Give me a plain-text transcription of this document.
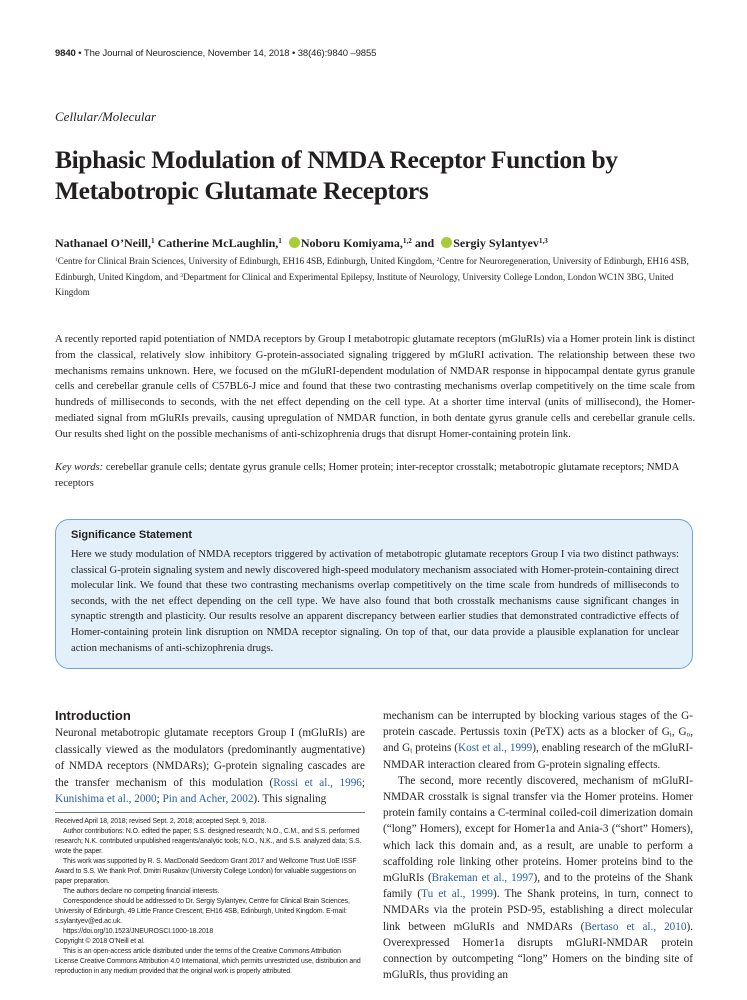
9840 • The Journal of Neuroscience, November 14, 2018 • 38(46):9840 –9855
Cellular/Molecular
Biphasic Modulation of NMDA Receptor Function by Metabotropic Glutamate Receptors
Nathanael O’Neill,$^1$ Catherine McLaughlin,$^1$ Noboru Komiyama,$^{1,2}$ and Sergiy Sylantyev$^{1,3}$
$^1$Centre for Clinical Brain Sciences, University of Edinburgh, EH16 4SB, Edinburgh, United Kingdom, $^2$Centre for Neuroregeneration, University of Edinburgh, EH16 4SB, Edinburgh, United Kingdom, and $^3$Department for Clinical and Experimental Epilepsy, Institute of Neurology, University College London, London WC1N 3BG, United Kingdom
A recently reported rapid potentiation of NMDA receptors by Group I metabotropic glutamate receptors (mGluRIs) via a Homer protein link is distinct from the classical, relatively slow inhibitory G-protein-associated signaling triggered by mGluRI activation. The relationship between these two mechanisms remains unknown. Here, we focused on the mGluRI-dependent modulation of NMDAR response in hippocampal dentate gyrus granule cells and cerebellar granule cells of C57BL6-J mice and found that these two contrasting mechanisms overlap competitively on the time scale from hundreds of milliseconds to seconds, with the net effect depending on the cell type. At a shorter time interval (units of millisecond), the Homer-mediated signal from mGluRIs prevails, causing upregulation of NMDAR function, in both dentate gyrus granule cells and cerebellar granule cells. Our results shed light on the possible mechanisms of anti-schizophrenia drugs that disrupt Homer-containing protein link.
Key words: cerebellar granule cells; dentate gyrus granule cells; Homer protein; inter-receptor crosstalk; metabotropic glutamate receptors; NMDA receptors
Significance Statement
Here we study modulation of NMDA receptors triggered by activation of metabotropic glutamate receptors Group I via two distinct pathways: classical G-protein signaling system and newly discovered high-speed modulatory mechanism associated with Homer-protein-containing direct molecular link. We found that these two contrasting mechanisms overlap competitively on the time scale from hundreds of milliseconds to seconds, with the net effect depending on the cell type. We have also found that both crosstalk mechanisms cause significant changes in synaptic strength and plasticity. Our results resolve an apparent discrepancy between earlier studies that demonstrated contradictive effects of Homer-containing protein link disruption on NMDA receptor signaling. On top of that, our data provide a plausible explanation for unclear action mechanisms of anti-schizophrenia drugs.
Introduction
Neuronal metabotropic glutamate receptors Group I (mGluRIs) are classically viewed as the modulators (predominantly augmentative) of NMDA receptors (NMDARs); G-protein signaling cascades are the transfer mechanism of this modulation (Rossi et al., 1996; Kunishima et al., 2000; Pin and Acher, 2002). This signaling

Received April 18, 2018; revised Sept. 2, 2018; accepted Sept. 9, 2018.

Author contributions: N.O. edited the paper; S.S. designed research; N.O., C.M., and S.S. performed research; N.K. contributed unpublished reagents/analytic tools; N.O., N.K., and S.S. analyzed data; S.S. wrote the paper.

This work was supported by R. S. MacDonald Seedcorn Grant 2017 and Wellcome Trust UoE ISSF Award to S.S. We thank Prof. Dmitri Rusakov (University College London) for valuable suggestions on paper preparation.

The authors declare no competing financial interests.

Correspondence should be addressed to Dr. Sergiy Sylantyev, Centre for Clinical Brain Sciences, University of Edinburgh, 49 Little France Crescent, EH16 4SB, Edinburgh, United Kingdom. E-mail: s.sylantyev@ed.ac.uk.

https://doi.org/10.1523/JNEUROSCI.1000-18.2018

Copyright © 2018 O’Neill et al.

This is an open-access article distributed under the terms of the Creative Commons Attribution License Creative Commons Attribution 4.0 International, which permits unrestricted use, distribution and reproduction in any medium provided that the original work is properly attributed.

mechanism can be interrupted by blocking various stages of the G-protein cascade. Pertussis toxin (PeTX) acts as a blocker of $G_i$, $G_o$, and $G_t$ proteins (Kost et al., 1999), enabling research of the mGluRI-NMDAR interaction cleared from G-protein signaling effects.

The second, more recently discovered, mechanism of mGluRI-NMDAR crosstalk is signal transfer via the Homer proteins. Homer protein family contains a C-terminal coiled-coil dimerization domain (“long” Homers), except for Homer1a and Ania-3 (“short” Homers), which lack this domain and, as a result, are unable to perform a scaffolding role linking other proteins. Homer proteins bind to the mGluRIs (Brakeman et al., 1997), and to the proteins of the Shank family (Tu et al., 1999). The Shank proteins, in turn, connect to NMDARs via the protein PSD-95, establishing a direct molecular link between mGluRIs and NMDARs (Bertaso et al., 2010). Overexpressed Homer1a disrupts mGluRI-NMDAR protein connection by outcompeting “long” Homers on the binding site of mGluRIs, thus providing an
